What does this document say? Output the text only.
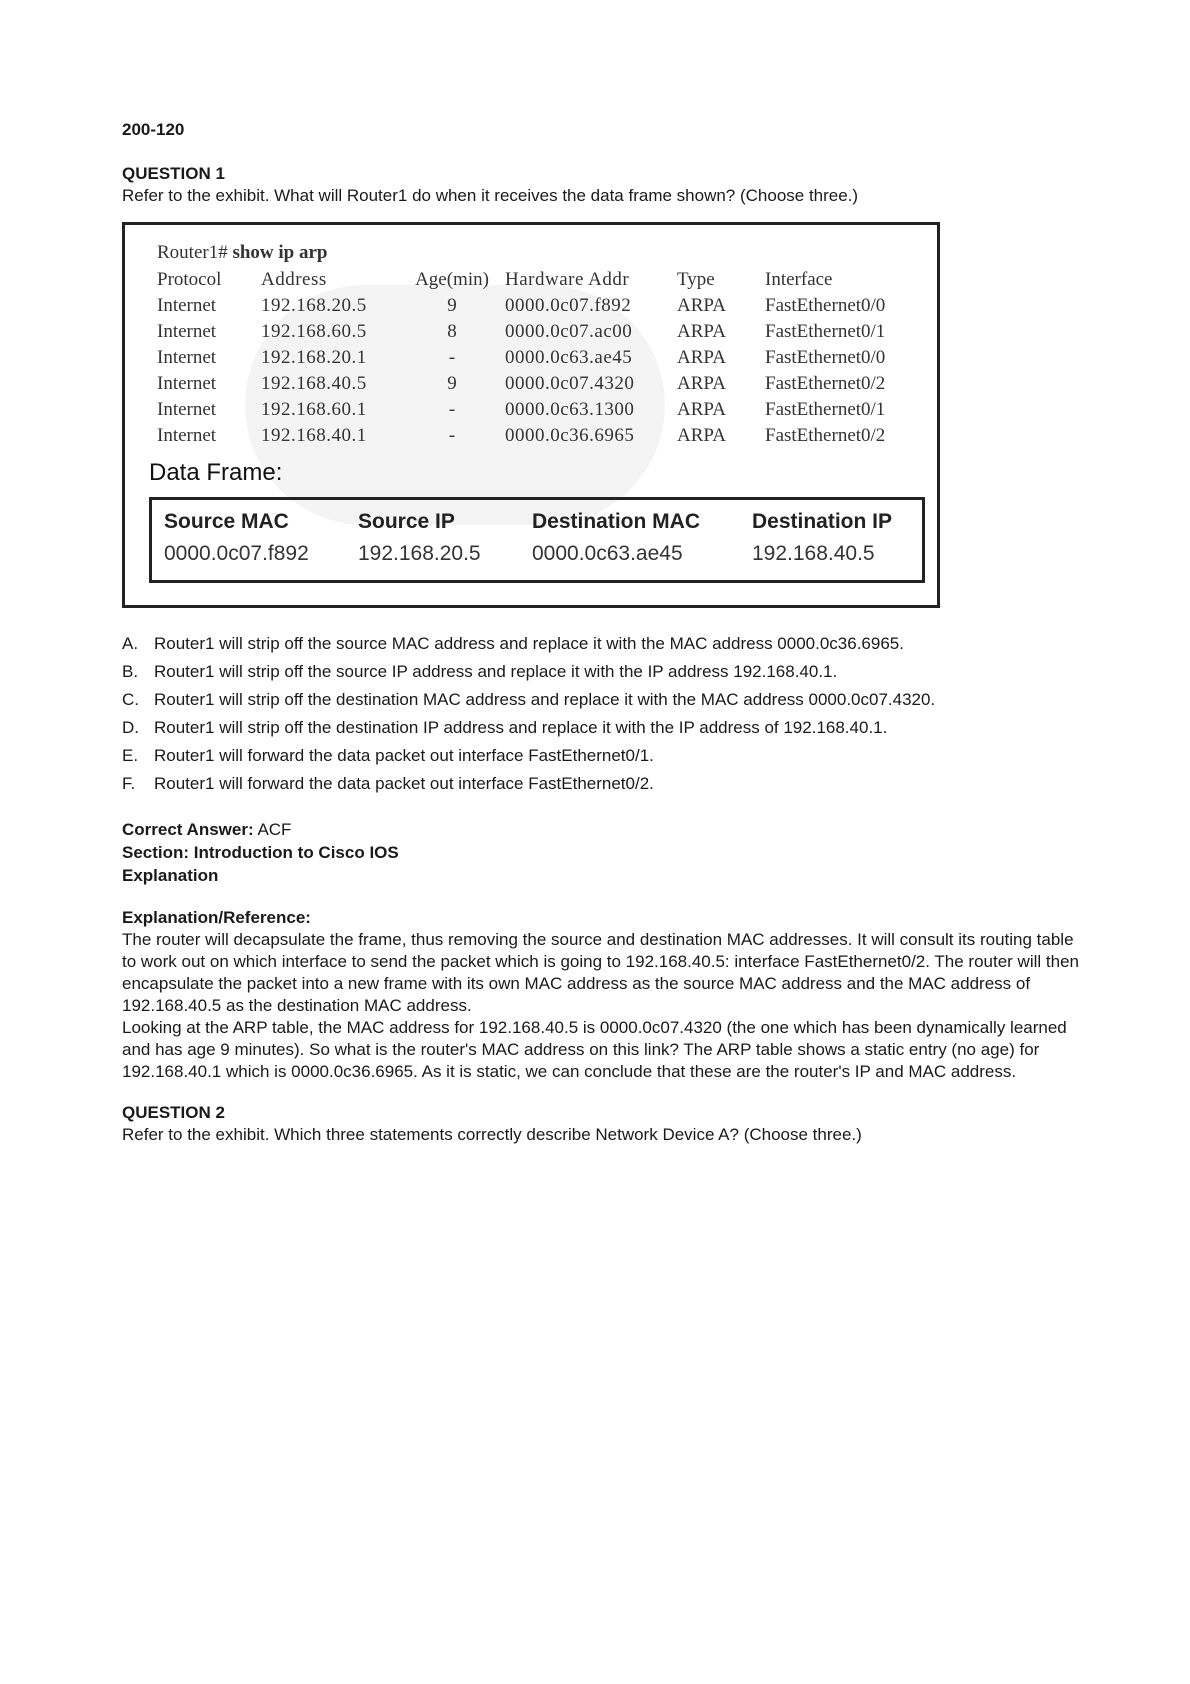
200-120

QUESTION 1

Refer to the exhibit. What will Router1 do when it receives the data frame shown? (Choose three.)

Router1# show ip arp
Protocol	Address	Age(min) Hardware Addr	Type	Interface
Internet	192.168.20.5	9	0000.0c07.f892	ARPA	FastEthernet0/0
Internet	192.168.60.5	8	0000.0c07.ac00	ARPA	FastEthernet0/1
Internet	192.168.20.1	-	0000.0c63.ae45	ARPA	FastEthernet0/0
Internet	192.168.40.5	9	0000.0c07.4320	ARPA	FastEthernet0/2
Internet	192.168.60.1	-	0000.0c63.1300	ARPA	FastEthernet0/1
Internet	192.168.40.1	-	0000.0c36.6965	ARPA	FastEthernet0/2
Data Frame:
Source MAC	Source IP	Destination MAC	Destination IP
0000.0c07.f892	192.168.20.5	0000.0c63.ae45	192.168.40.5
A. Router1 will strip off the source MAC address and replace it with the MAC address 0000.0c36.6965.
B. Router1 will strip off the source IP address and replace it with the IP address 192.168.40.1.
C. Router1 will strip off the destination MAC address and replace it with the MAC address 0000.0c07.4320.
D. Router1 will strip off the destination IP address and replace it with the IP address of 192.168.40.1.
E. Router1 will forward the data packet out interface FastEthernet0/1.
F.	Router1 will forward the data packet out interface FastEthernet0/2.
Correct Answer: ACF
Section: Introduction to Cisco IOS
Explanation
Explanation/Reference:

The router will decapsulate the frame, thus removing the source and destination MAC addresses. It will consult its routing table to work out on which interface to send the packet which is going to 192.168.40.5: interface FastEthernet0/2. The router will then encapsulate the packet into a new frame with its own MAC address as the source MAC address and the MAC address of 192.168.40.5 as the destination MAC address.

Looking at the ARP table, the MAC address for 192.168.40.5 is 0000.0c07.4320 (the one which has been dynamically learned and has age 9 minutes). So what is the router's MAC address on this link? The ARP table shows a static entry (no age) for 192.168.40.1 which is 0000.0c36.6965. As it is static, we can conclude that these are the router's IP and MAC address.

QUESTION 2

Refer to the exhibit. Which three statements correctly describe Network Device A? (Choose three.)
